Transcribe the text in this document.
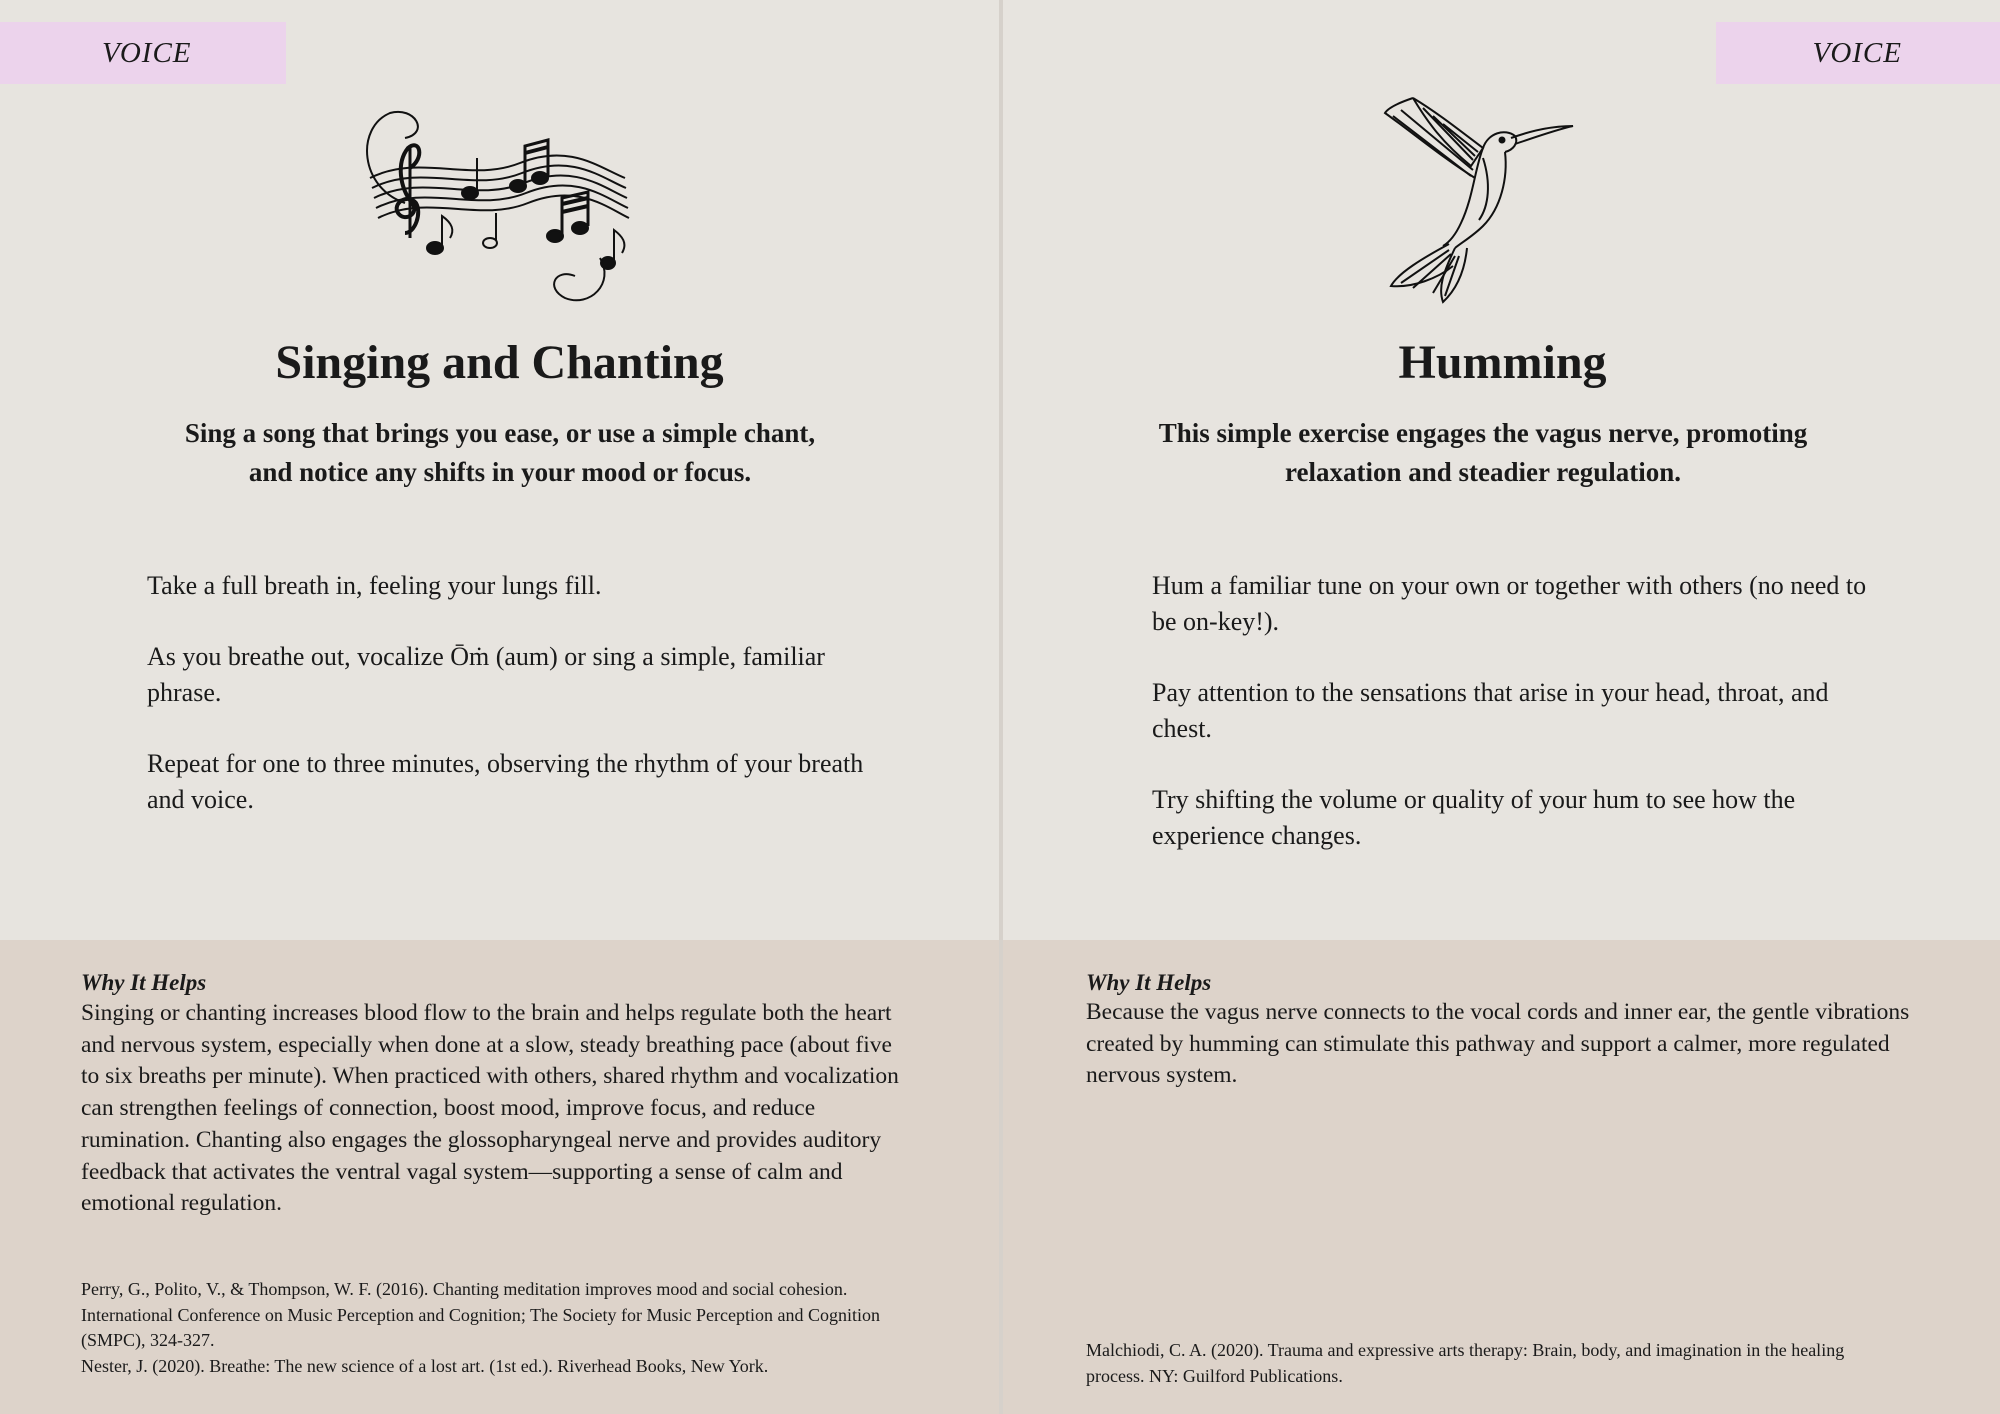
VOICE
Singing and Chanting

Sing a song that brings you ease, or use a simple chant, and notice any shifts in your mood or focus.

Take a full breath in, feeling your lungs fill.
As you breathe out, vocalize Ōṁ (aum) or sing a simple, familiar phrase.
Repeat for one to three minutes, observing the rhythm of your breath and voice.
Why It Helps

Singing or chanting increases blood flow to the brain and helps regulate both the heart and nervous system, especially when done at a slow, steady breathing pace (about five to six breaths per minute). When practiced with others, shared rhythm and vocalization can strengthen feelings of connection, boost mood, improve focus, and reduce rumination. Chanting also engages the glossopharyngeal nerve and provides auditory feedback that activates the ventral vagal system—supporting a sense of calm and emotional regulation.

Perry, G., Polito, V., & Thompson, W. F. (2016). Chanting meditation improves mood and social cohesion. International Conference on Music Perception and Cognition; The Society for Music Perception and Cognition (SMPC), 324-327.
Nester, J. (2020). Breathe: The new science of a lost art. (1st ed.). Riverhead Books, New York.
VOICE
Humming

This simple exercise engages the vagus nerve, promoting relaxation and steadier regulation.

Hum a familiar tune on your own or together with others (no need to be on-key!).
Pay attention to the sensations that arise in your head, throat, and chest.
Try shifting the volume or quality of your hum to see how the experience changes.
Why It Helps

Because the vagus nerve connects to the vocal cords and inner ear, the gentle vibrations created by humming can stimulate this pathway and support a calmer, more regulated nervous system.

Malchiodi, C. A. (2020). Trauma and expressive arts therapy: Brain, body, and imagination in the healing process. NY: Guilford Publications.
